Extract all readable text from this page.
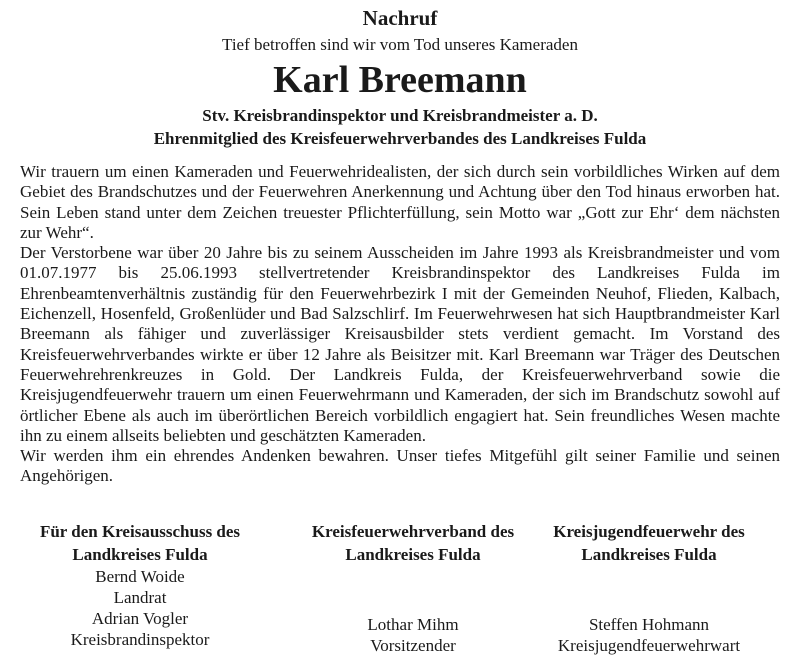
Nachruf
Tief betroffen sind wir vom Tod unseres Kameraden
Karl Breemann
Stv. Kreisbrandinspektor und Kreisbrandmeister a. D.
Ehrenmitglied des Kreisfeuerwehrverbandes des Landkreises Fulda

Wir trauern um einen Kameraden und Feuerwehridealisten, der sich durch sein vorbildliches Wirken auf dem Gebiet des Brandschutzes und der Feuerwehren Anerkennung und Achtung über den Tod hinaus erworben hat. Sein Leben stand unter dem Zeichen treuester Pflichterfüllung, sein Motto war „Gott zur Ehr‘ dem nächsten zur Wehr“.

Der Verstorbene war über 20 Jahre bis zu seinem Ausscheiden im Jahre 1993 als Kreisbrandmeister und vom 01.07.1977 bis 25.06.1993 stellvertretender Kreisbrandinspektor des Landkreises Fulda im Ehrenbeamtenverhältnis zuständig für den Feuerwehrbezirk I mit der Gemeinden Neuhof, Flieden, Kalbach, Eichenzell, Hosenfeld, Großenlüder und Bad Salzschlirf. Im Feuerwehrwesen hat sich Hauptbrandmeister Karl Breemann als fähiger und zuverlässiger Kreisausbilder stets verdient gemacht. Im Vorstand des Kreisfeuerwehrverbandes wirkte er über 12 Jahre als Beisitzer mit. Karl Breemann war Träger des Deutschen Feuerwehrehrenkreuzes in Gold. Der Landkreis Fulda, der Kreisfeuerwehrverband sowie die Kreisjugendfeuerwehr trauern um einen Feuerwehrmann und Kameraden, der sich im Brandschutz sowohl auf örtlicher Ebene als auch im überörtlichen Bereich vorbildlich engagiert hat. Sein freundliches Wesen machte ihn zu einem allseits beliebten und geschätzten Kameraden.

Wir werden ihm ein ehrendes Andenken bewahren. Unser tiefes Mitgefühl gilt seiner Familie und seinen Angehörigen.

Für den Kreisausschuss des
Landkreises Fulda
Bernd Woide
Landrat
Adrian Vogler
Kreisbrandinspektor
Kreisfeuerwehrverband des
Landkreises Fulda
Lothar Mihm
Vorsitzender
Kreisjugendfeuerwehr des
Landkreises Fulda
Steffen Hohmann
Kreisjugendfeuerwehrwart
